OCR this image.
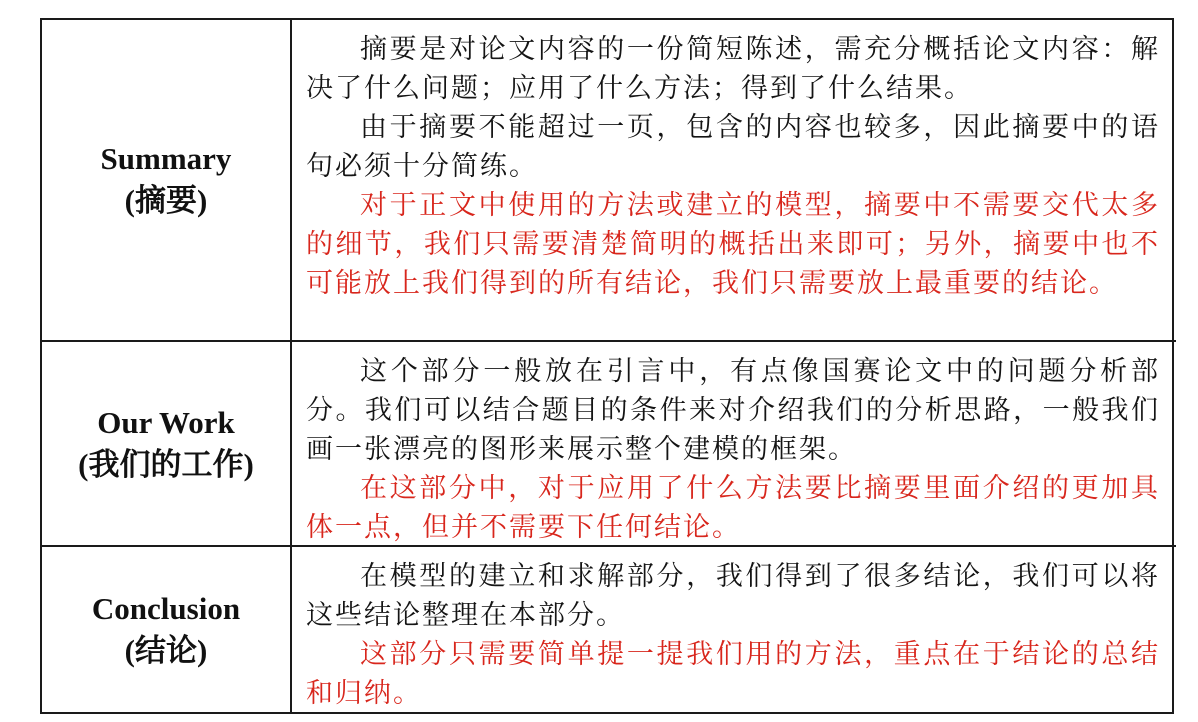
Summary
(摘要)

摘要是对论文内容的一份简短陈述，需充分概括论文内容：解决了什么问题；应用了什么方法；得到了什么结果。

由于摘要不能超过一页，包含的内容也较多，因此摘要中的语句必须十分简练。

对于正文中使用的方法或建立的模型，摘要中不需要交代太多的细节，我们只需要清楚简明的概括出来即可；另外，摘要中也不可能放上我们得到的所有结论，我们只需要放上最重要的结论。

Our Work
(我们的工作)

这个部分一般放在引言中，有点像国赛论文中的问题分析部分。我们可以结合题目的条件来对介绍我们的分析思路，一般我们画一张漂亮的图形来展示整个建模的框架。

在这部分中，对于应用了什么方法要比摘要里面介绍的更加具体一点，但并不需要下任何结论。

Conclusion
(结论)

在模型的建立和求解部分，我们得到了很多结论，我们可以将这些结论整理在本部分。

这部分只需要简单提一提我们用的方法，重点在于结论的总结和归纳。
